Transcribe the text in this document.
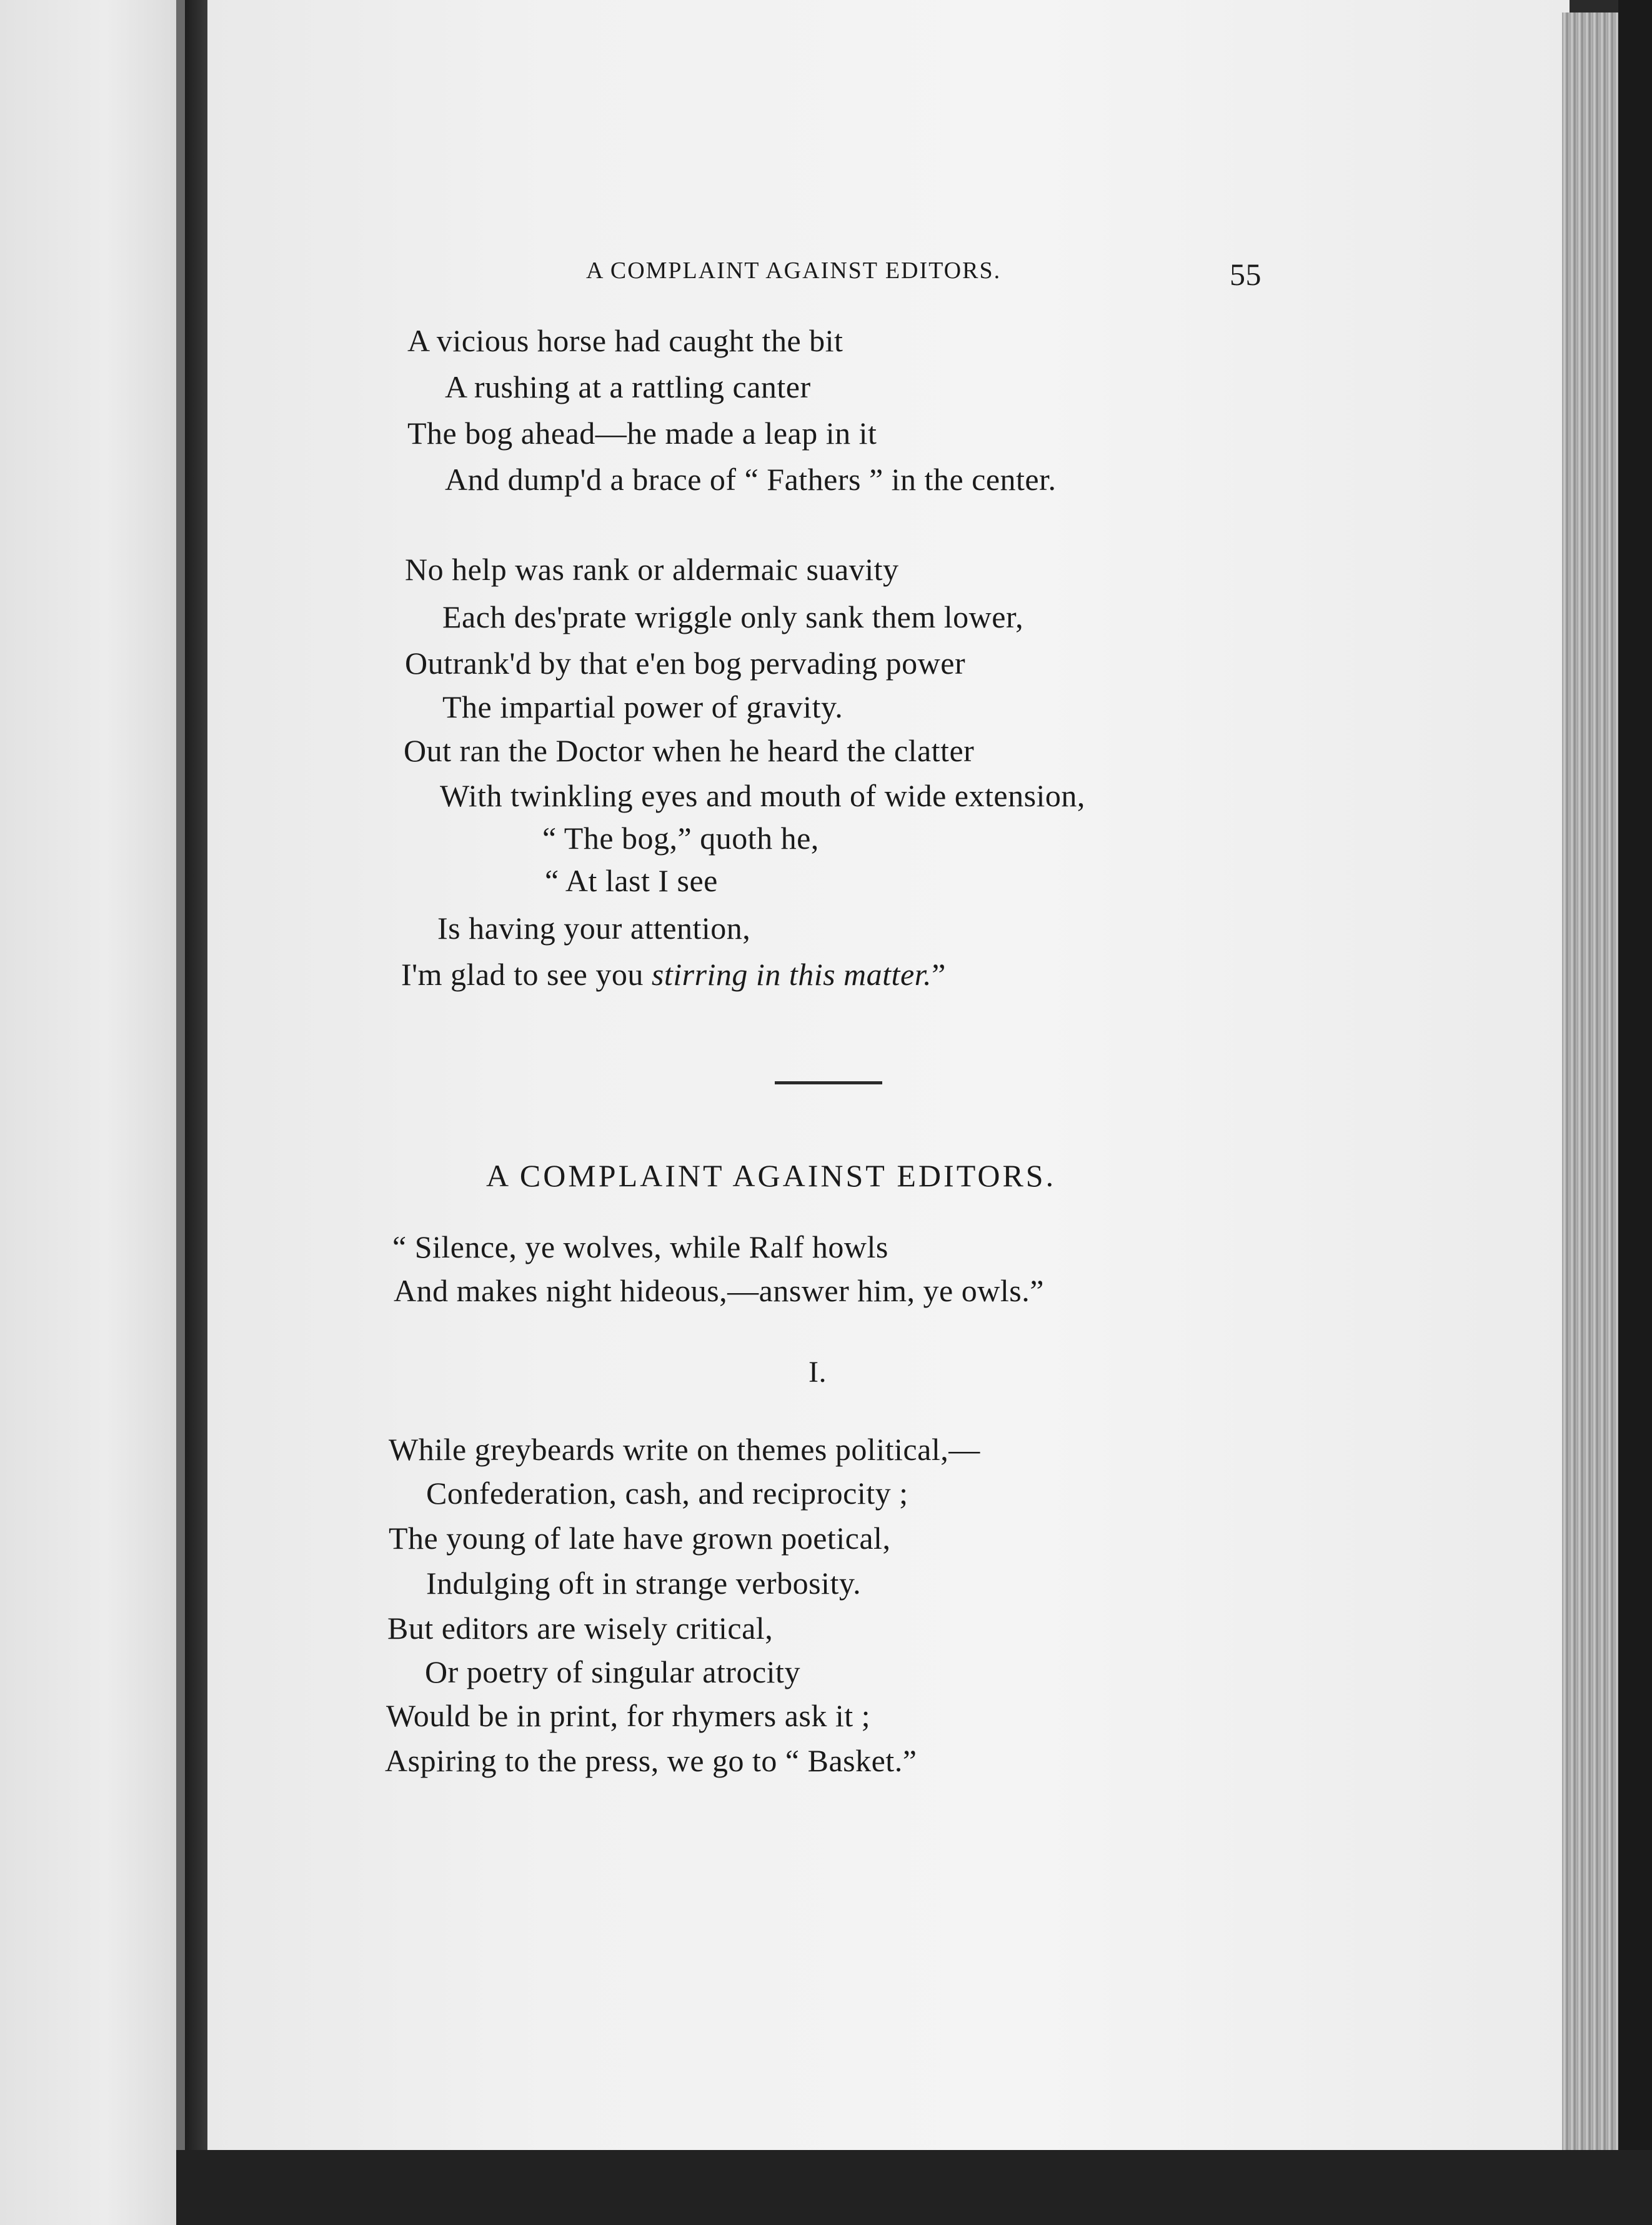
A COMPLAINT AGAINST EDITORS.	55
A vicious horse had caught the bit
A rushing at a rattling canter
The bog ahead—he made a leap in it
And dump'd a brace of “ Fathers ” in the center.
No help was rank or aldermaic suavity
Each des'prate wriggle only sank them lower,
Outrank'd by that e'en bog pervading power
The impartial power of gravity.
Out ran the Doctor when he heard the clatter
With twinkling eyes and mouth of wide extension,
“ The bog,” quoth he,
“ At last I see
Is having your attention,
I'm glad to see you stirring in this matter.”
A COMPLAINT AGAINST EDITORS.
“ Silence, ye wolves, while Ralf howls
And makes night hideous,—answer him, ye owls.”
I.
While greybeards write on themes political,—
Confederation, cash, and reciprocity ;
The young of late have grown poetical,
Indulging oft in strange verbosity.
But editors are wisely critical,
Or poetry of singular atrocity
Would be in print, for rhymers ask it ;
Aspiring to the press, we go to “ Basket.”
